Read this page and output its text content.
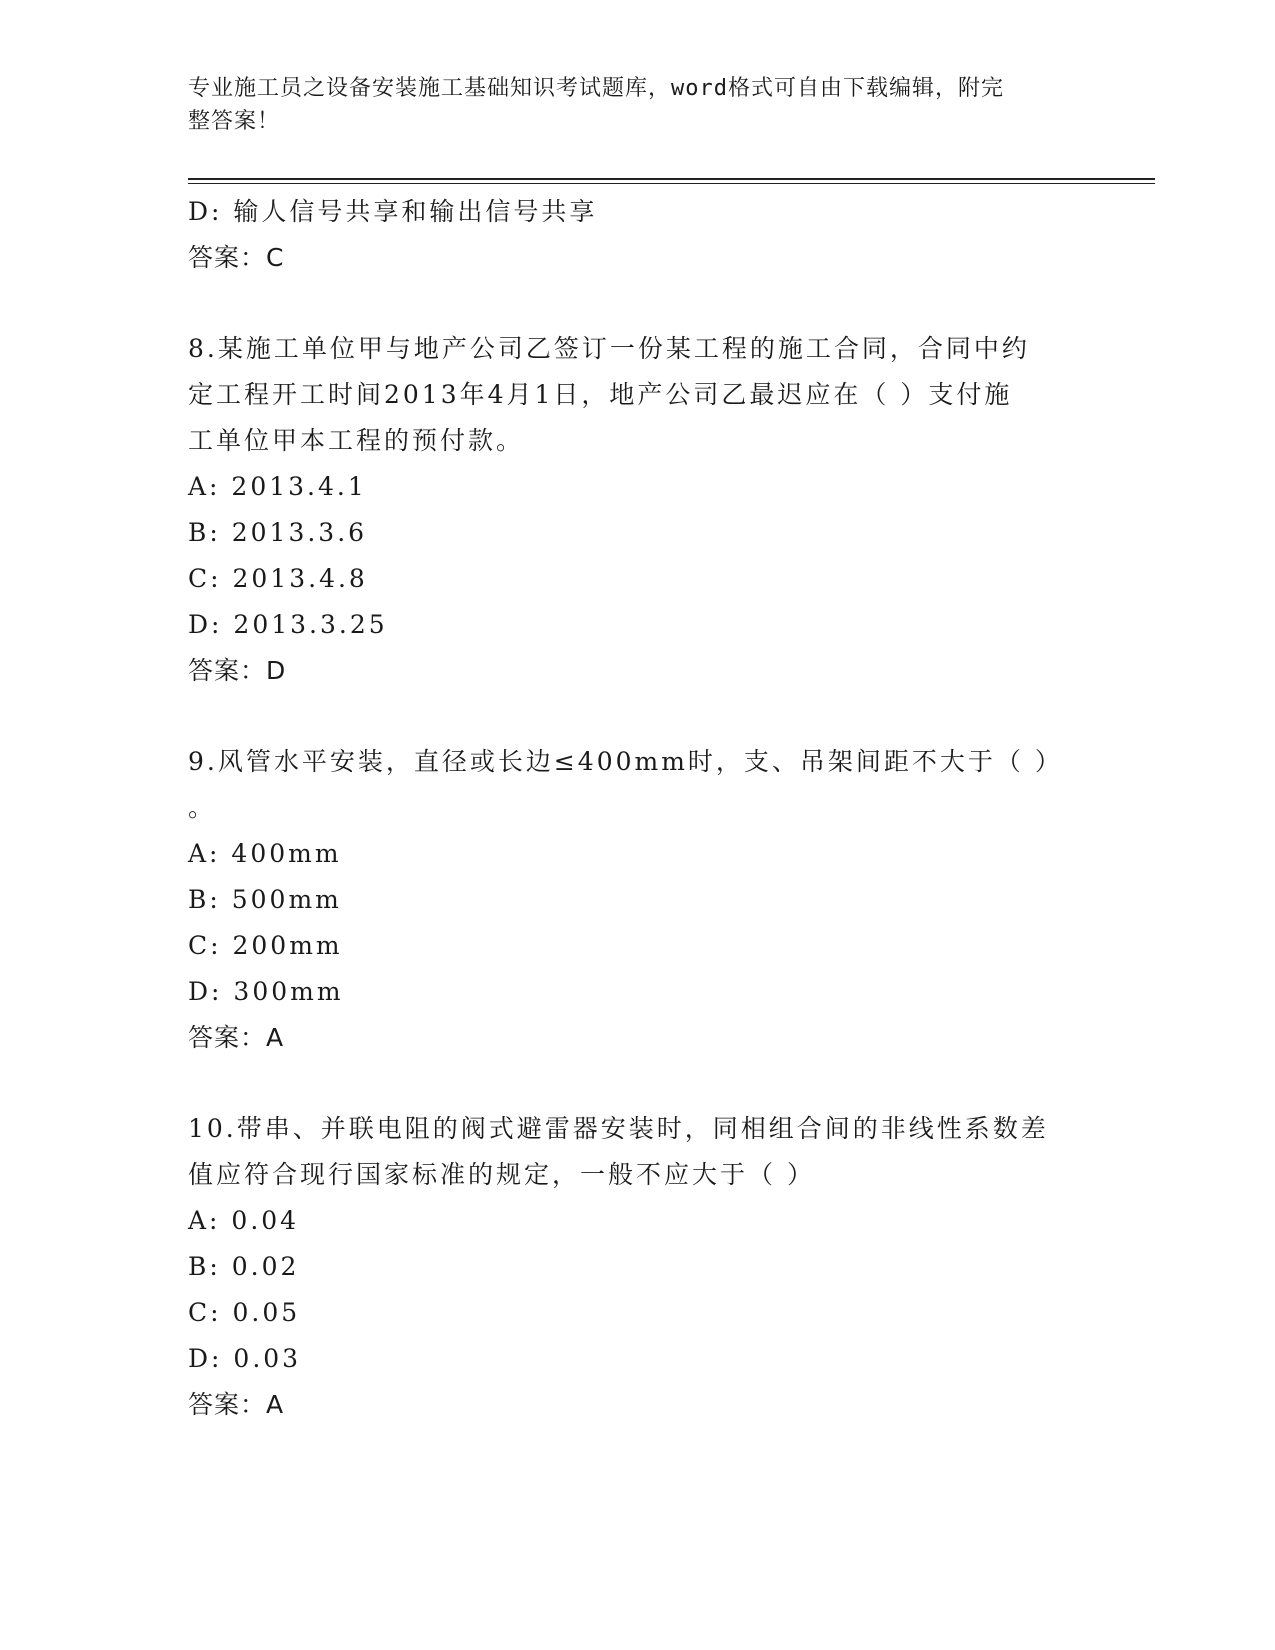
专业施工员之设备安装施工基础知识考试题库，word格式可自由下载编辑，附完
整答案！
D: 输人信号共享和输出信号共享
答案：C
8.某施工单位甲与地产公司乙签订一份某工程的施工合同，合同中约
定工程开工时间2013年4月1日，地产公司乙最迟应在（ ）支付施
工单位甲本工程的预付款。
A: 2013.4.1
B: 2013.3.6
C: 2013.4.8
D: 2013.3.25
答案：D
9.风管水平安装，直径或长边≤400mm时，支、吊架间距不大于（ ）
。
A: 400mm
B: 500mm
C: 200mm
D: 300mm
答案：A
10.带串、并联电阻的阀式避雷器安装时，同相组合间的非线性系数差
值应符合现行国家标准的规定，一般不应大于（ ）
A: 0.04
B: 0.02
C: 0.05
D: 0.03
答案：A
